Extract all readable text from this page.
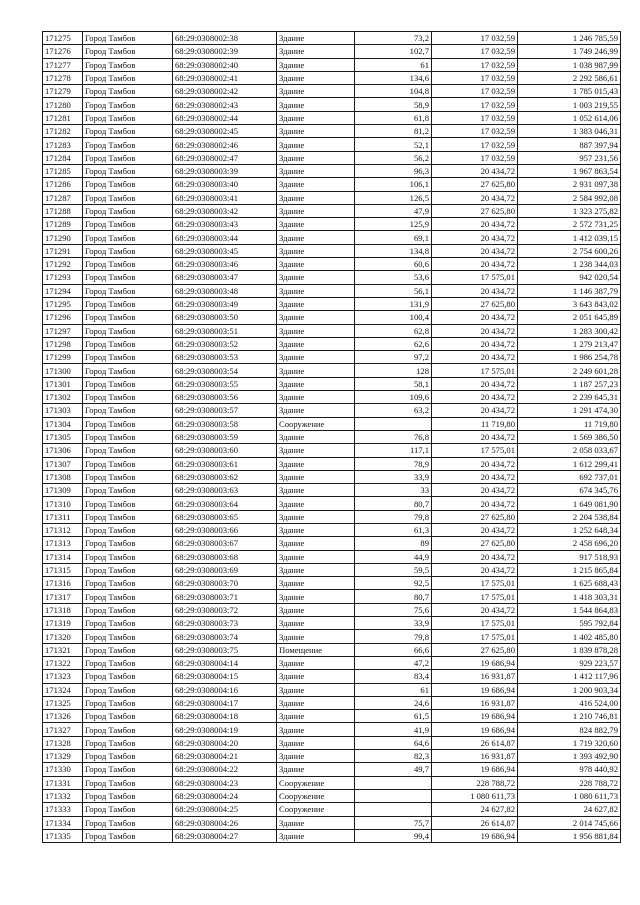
171275	Город Тамбов	68:29:0308002:38	Здание	73,2	17 032,59	1 246 785,59
171276	Город Тамбов	68:29:0308002:39	Здание	102,7	17 032,59	1 749 246,99
171277	Город Тамбов	68:29:0308002:40	Здание	61	17 032,59	1 038 987,99
171278	Город Тамбов	68:29:0308002:41	Здание	134,6	17 032,59	2 292 586,61
171279	Город Тамбов	68:29:0308002:42	Здание	104,8	17 032,59	1 785 015,43
171280	Город Тамбов	68:29:0308002:43	Здание	58,9	17 032,59	1 003 219,55
171281	Город Тамбов	68:29:0308002:44	Здание	61,8	17 032,59	1 052 614,06
171282	Город Тамбов	68:29:0308002:45	Здание	81,2	17 032,59	1 383 046,31
171283	Город Тамбов	68:29:0308002:46	Здание	52,1	17 032,59	887 397,94
171284	Город Тамбов	68:29:0308002:47	Здание	56,2	17 032,59	957 231,56
171285	Город Тамбов	68:29:0308003:39	Здание	96,3	20 434,72	1 967 863,54
171286	Город Тамбов	68:29:0308003:40	Здание	106,1	27 625,80	2 931 097,38
171287	Город Тамбов	68:29:0308003:41	Здание	126,5	20 434,72	2 584 992,08
171288	Город Тамбов	68:29:0308003:42	Здание	47,9	27 625,80	1 323 275,82
171289	Город Тамбов	68:29:0308003:43	Здание	125,9	20 434,72	2 572 731,25
171290	Город Тамбов	68:29:0308003:44	Здание	69,1	20 434,72	1 412 039,15
171291	Город Тамбов	68:29:0308003:45	Здание	134,8	20 434,72	2 754 600,26
171292	Город Тамбов	68:29:0308003:46	Здание	60,6	20 434,72	1 238 344,03
171293	Город Тамбов	68:29:0308003:47	Здание	53,6	17 575,01	942 020,54
171294	Город Тамбов	68:29:0308003:48	Здание	56,1	20 434,72	1 146 387,79
171295	Город Тамбов	68:29:0308003:49	Здание	131,9	27 625,80	3 643 843,02
171296	Город Тамбов	68:29:0308003:50	Здание	100,4	20 434,72	2 051 645,89
171297	Город Тамбов	68:29:0308003:51	Здание	62,8	20 434,72	1 283 300,42
171298	Город Тамбов	68:29:0308003:52	Здание	62,6	20 434,72	1 279 213,47
171299	Город Тамбов	68:29:0308003:53	Здание	97,2	20 434,72	1 986 254,78
171300	Город Тамбов	68:29:0308003:54	Здание	128	17 575,01	2 249 601,28
171301	Город Тамбов	68:29:0308003:55	Здание	58,1	20 434,72	1 187 257,23
171302	Город Тамбов	68:29:0308003:56	Здание	109,6	20 434,72	2 239 645,31
171303	Город Тамбов	68:29:0308003:57	Здание	63,2	20 434,72	1 291 474,30
171304	Город Тамбов	68:29:0308003:58	Сооружение		11 719,80	11 719,80
171305	Город Тамбов	68:29:0308003:59	Здание	76,8	20 434,72	1 569 386,50
171306	Город Тамбов	68:29:0308003:60	Здание	117,1	17 575,01	2 058 033,67
171307	Город Тамбов	68:29:0308003:61	Здание	78,9	20 434,72	1 612 299,41
171308	Город Тамбов	68:29:0308003:62	Здание	33,9	20 434,72	692 737,01
171309	Город Тамбов	68:29:0308003:63	Здание	33	20 434,72	674 345,76
171310	Город Тамбов	68:29:0308003:64	Здание	80,7	20 434,72	1 649 081,90
171311	Город Тамбов	68:29:0308003:65	Здание	79,8	27 625,80	2 204 538,84
171312	Город Тамбов	68:29:0308003:66	Здание	61,3	20 434,72	1 252 648,34
171313	Город Тамбов	68:29:0308003:67	Здание	89	27 625,80	2 458 696,20
171314	Город Тамбов	68:29:0308003:68	Здание	44,9	20 434,72	917 518,93
171315	Город Тамбов	68:29:0308003:69	Здание	59,5	20 434,72	1 215 865,84
171316	Город Тамбов	68:29:0308003:70	Здание	92,5	17 575,01	1 625 688,43
171317	Город Тамбов	68:29:0308003:71	Здание	80,7	17 575,01	1 418 303,31
171318	Город Тамбов	68:29:0308003:72	Здание	75,6	20 434,72	1 544 864,83
171319	Город Тамбов	68:29:0308003:73	Здание	33,9	17 575,01	595 792,84
171320	Город Тамбов	68:29:0308003:74	Здание	79,8	17 575,01	1 402 485,80
171321	Город Тамбов	68:29:0308003:75	Помещение	66,6	27 625,80	1 839 878,28
171322	Город Тамбов	68:29:0308004:14	Здание	47,2	19 686,94	929 223,57
171323	Город Тамбов	68:29:0308004:15	Здание	83,4	16 931,87	1 412 117,96
171324	Город Тамбов	68:29:0308004:16	Здание	61	19 686,94	1 200 903,34
171325	Город Тамбов	68:29:0308004:17	Здание	24,6	16 931,87	416 524,00
171326	Город Тамбов	68:29:0308004:18	Здание	61,5	19 686,94	1 210 746,81
171327	Город Тамбов	68:29:0308004:19	Здание	41,9	19 686,94	824 882,79
171328	Город Тамбов	68:29:0308004:20	Здание	64,6	26 614,87	1 719 320,60
171329	Город Тамбов	68:29:0308004:21	Здание	82,3	16 931,87	1 393 492,90
171330	Город Тамбов	68:29:0308004:22	Здание	49,7	19 686,94	978 440,92
171331	Город Тамбов	68:29:0308004:23	Сооружение		228 788,72	228 788,72
171332	Город Тамбов	68:29:0308004:24	Сооружение		1 080 611,73	1 080 611,73
171333	Город Тамбов	68:29:0308004:25	Сооружение		24 627,82	24 627,82
171334	Город Тамбов	68:29:0308004:26	Здание	75,7	26 614,87	2 014 745,66
171335	Город Тамбов	68:29:0308004:27	Здание	99,4	19 686,94	1 956 881,84
